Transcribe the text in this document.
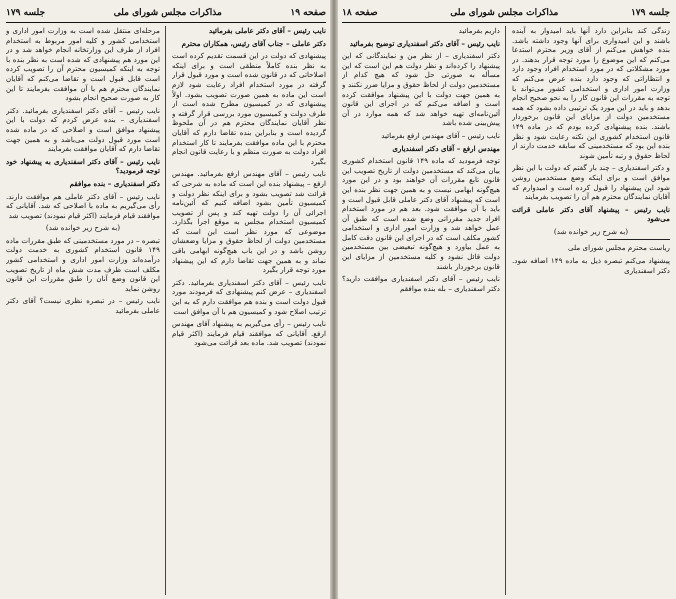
صفحه ۱۹
مذاکرات مجلس شورای ملی
جلسه ۱۷۹

نایب رئیس – آقای دکتر عاملی بفرمائید

دکتر عاملی – جناب آقای رئیس، همکاران محترم

پیشنهادی که دولت در این قسمت تقدیم کرده است به نظر بنده کاملاً منطقی است و برای اینکه اصلاحاتی که در قانون شده است و مورد قبول قرار گرفته در مورد استخدام افراد رعایت شود لازم است این ماده به همین صورت تصویب بشود. اولاً پیشنهادی که در کمیسیون مطرح شده است از طرف دولت و کمیسیون مورد بررسی قرار گرفته و نظر آقایان نمایندگان محترم هم در آن ملحوظ گردیده است و بنابراین بنده تقاضا دارم که آقایان محترم با این ماده موافقت بفرمایند تا کار استخدام افراد دولت به صورت منظم و با رعایت قانون انجام بگیرد

نایب رئیس – آقای مهندس ارفع بفرمائید. مهندس ارفع – پیشنهاد بنده این است که ماده به شرحی که قرائت شد تصویب بشود و برای اینکه نظر دولت و کمیسیون تأمین بشود اضافه کنیم که آئین‌نامه اجرائی آن را دولت تهیه کند و پس از تصویب کمیسیون استخدام مجلس به موقع اجرا بگذارد. موضوعی که مورد نظر است این است که مستخدمین دولت از لحاظ حقوق و مزایا وضعشان روشن باشد و در این باب هیچ‌گونه ابهامی باقی نماند و به همین جهت تقاضا دارم که این پیشنهاد مورد توجه قرار بگیرد

نایب رئیس – آقای دکتر اسفندیاری بفرمائید. دکتر اسفندیاری – عرض کنم پیشنهادی که فرمودند مورد قبول دولت است و بنده هم موافقت دارم که به این ترتیب اصلاح شود و کمیسیون هم با آن موافق است

نایب رئیس – رأی می‌گیریم به پیشنهاد آقای مهندس ارفع. آقایانی که موافقند قیام فرمایند (اکثر قیام نمودند) تصویب شد. ماده بعد قرائت می‌شود

مرحله‌ای منتقل شده است به وزارت امور اداری و استخدامی کشور و کلیه امور مربوط به استخدام افراد از طرف این وزارتخانه انجام خواهد شد و در این مورد هم پیشنهادی که شده است به نظر بنده با توجه به اینکه کمیسیون محترم آن را تصویب کرده است قابل قبول است و تقاضا می‌کنم که آقایان نمایندگان محترم هم با آن موافقت بفرمایند تا این کار به صورت صحیح انجام بشود

نایب رئیس – آقای دکتر اسفندیاری بفرمائید. دکتر اسفندیاری – بنده عرض کردم که دولت با این پیشنهاد موافق است و اصلاحی که در ماده شده است مورد قبول دولت می‌باشد و به همین جهت تقاضا دارم که آقایان موافقت بفرمایند

نایب رئیس – آقای دکتر اسفندیاری به پیشنهاد خود توجه فرمودید؟

دکتر اسفندیاری – بنده موافقم

نایب رئیس – آقای دکتر عاملی هم موافقت دارند. رأی می‌گیریم به ماده با اصلاحی که شد. آقایانی که موافقند قیام فرمایند (اکثر قیام نمودند) تصویب شد

(به شرح زیر خوانده شد)

تبصره – در مورد مستخدمینی که طبق مقررات ماده ۱۴۹ قانون استخدام کشوری به خدمت دولت درآمده‌اند وزارت امور اداری و استخدامی کشور مکلف است ظرف مدت شش ماه از تاریخ تصویب این قانون وضع آنان را طبق مقررات این قانون روشن نماید

نایب رئیس – در تبصره نظری نیست؟ آقای دکتر عاملی بفرمائید

جلسه ۱۷۹
مذاکرات مجلس شورای ملی
صفحه ۱۸

زندگی کند بنابراین دارد آنها باید امیدوار به آینده باشند و این امیدواری برای آنها وجود داشته باشد. بنده خواهش می‌کنم از آقای وزیر محترم استدعا می‌کنم که این موضوع را مورد توجه قرار بدهند. در مورد مشکلاتی که در مورد استخدام افراد وجود دارد و انتظاراتی که وجود دارد بنده عرض می‌کنم که وزارت امور اداری و استخدامی کشور می‌تواند با توجه به مقررات این قانون کار را به نحو صحیح انجام بدهد و باید در این مورد یک ترتیبی داده بشود که همه مستخدمین دولت از مزایای این قانون برخوردار باشند. بنده پیشنهادی کرده بودم که در ماده ۱۴۹ قانون استخدام کشوری این نکته رعایت شود و نظر بنده این بود که مستخدمینی که سابقه خدمت دارند از لحاظ حقوق و رتبه تأمین شوند

و دکتر اسفندیاری – چند بار گفتم که دولت با این نظر موافق است و برای اینکه وضع مستخدمین روشن شود این پیشنهاد را قبول کرده است و امیدوارم که آقایان نمایندگان محترم هم آن را تصویب بفرمایند

نایب رئیس – پیشنهاد آقای دکتر عاملی قرائت می‌شود

(به شرح زیر خوانده شد)

ریاست محترم مجلس شورای ملی

پیشنهاد می‌کنم تبصره ذیل به ماده ۱۴۹ اضافه شود. دکتر اسفندیاری

داریم بفرمائید

نایب رئیس – آقای دکتر اسفندیاری توضیح بفرمائید

دکتر اسفندیاری – از نظر من و نمایندگانی که این پیشنهاد را کرده‌اند و نظر دولت هم این است که این مسأله به صورتی حل شود که هیچ کدام از مستخدمین دولت از لحاظ حقوق و مزایا ضرر نکنند و به همین جهت دولت با این پیشنهاد موافقت کرده است و اضافه می‌کنم که در اجرای این قانون آئین‌نامه‌ای تهیه خواهد شد که همه موارد در آن پیش‌بینی شده باشد

نایب رئیس – آقای مهندس ارفع بفرمائید

مهندس ارفع – آقای دکتر اسفندیاری

توجه فرمودید که ماده ۱۴۹ قانون استخدام کشوری بیان می‌کند که مستخدمین دولت از تاریخ تصویب این قانون تابع مقررات آن خواهند بود و در این مورد هیچ‌گونه ابهامی نیست و به همین جهت نظر بنده این است که پیشنهاد آقای دکتر عاملی قابل قبول است و باید با آن موافقت شود. بعد هم در مورد استخدام افراد جدید مقرراتی وضع شده است که طبق آن عمل خواهد شد و وزارت امور اداری و استخدامی کشور مکلف است که در اجرای این قانون دقت کامل به عمل بیاورد و هیچ‌گونه تبعیضی بین مستخدمین دولت قائل نشود و کلیه مستخدمین از مزایای این قانون برخوردار باشند

نایب رئیس – آقای دکتر اسفندیاری موافقت دارید؟ دکتر اسفندیاری – بله بنده موافقم
